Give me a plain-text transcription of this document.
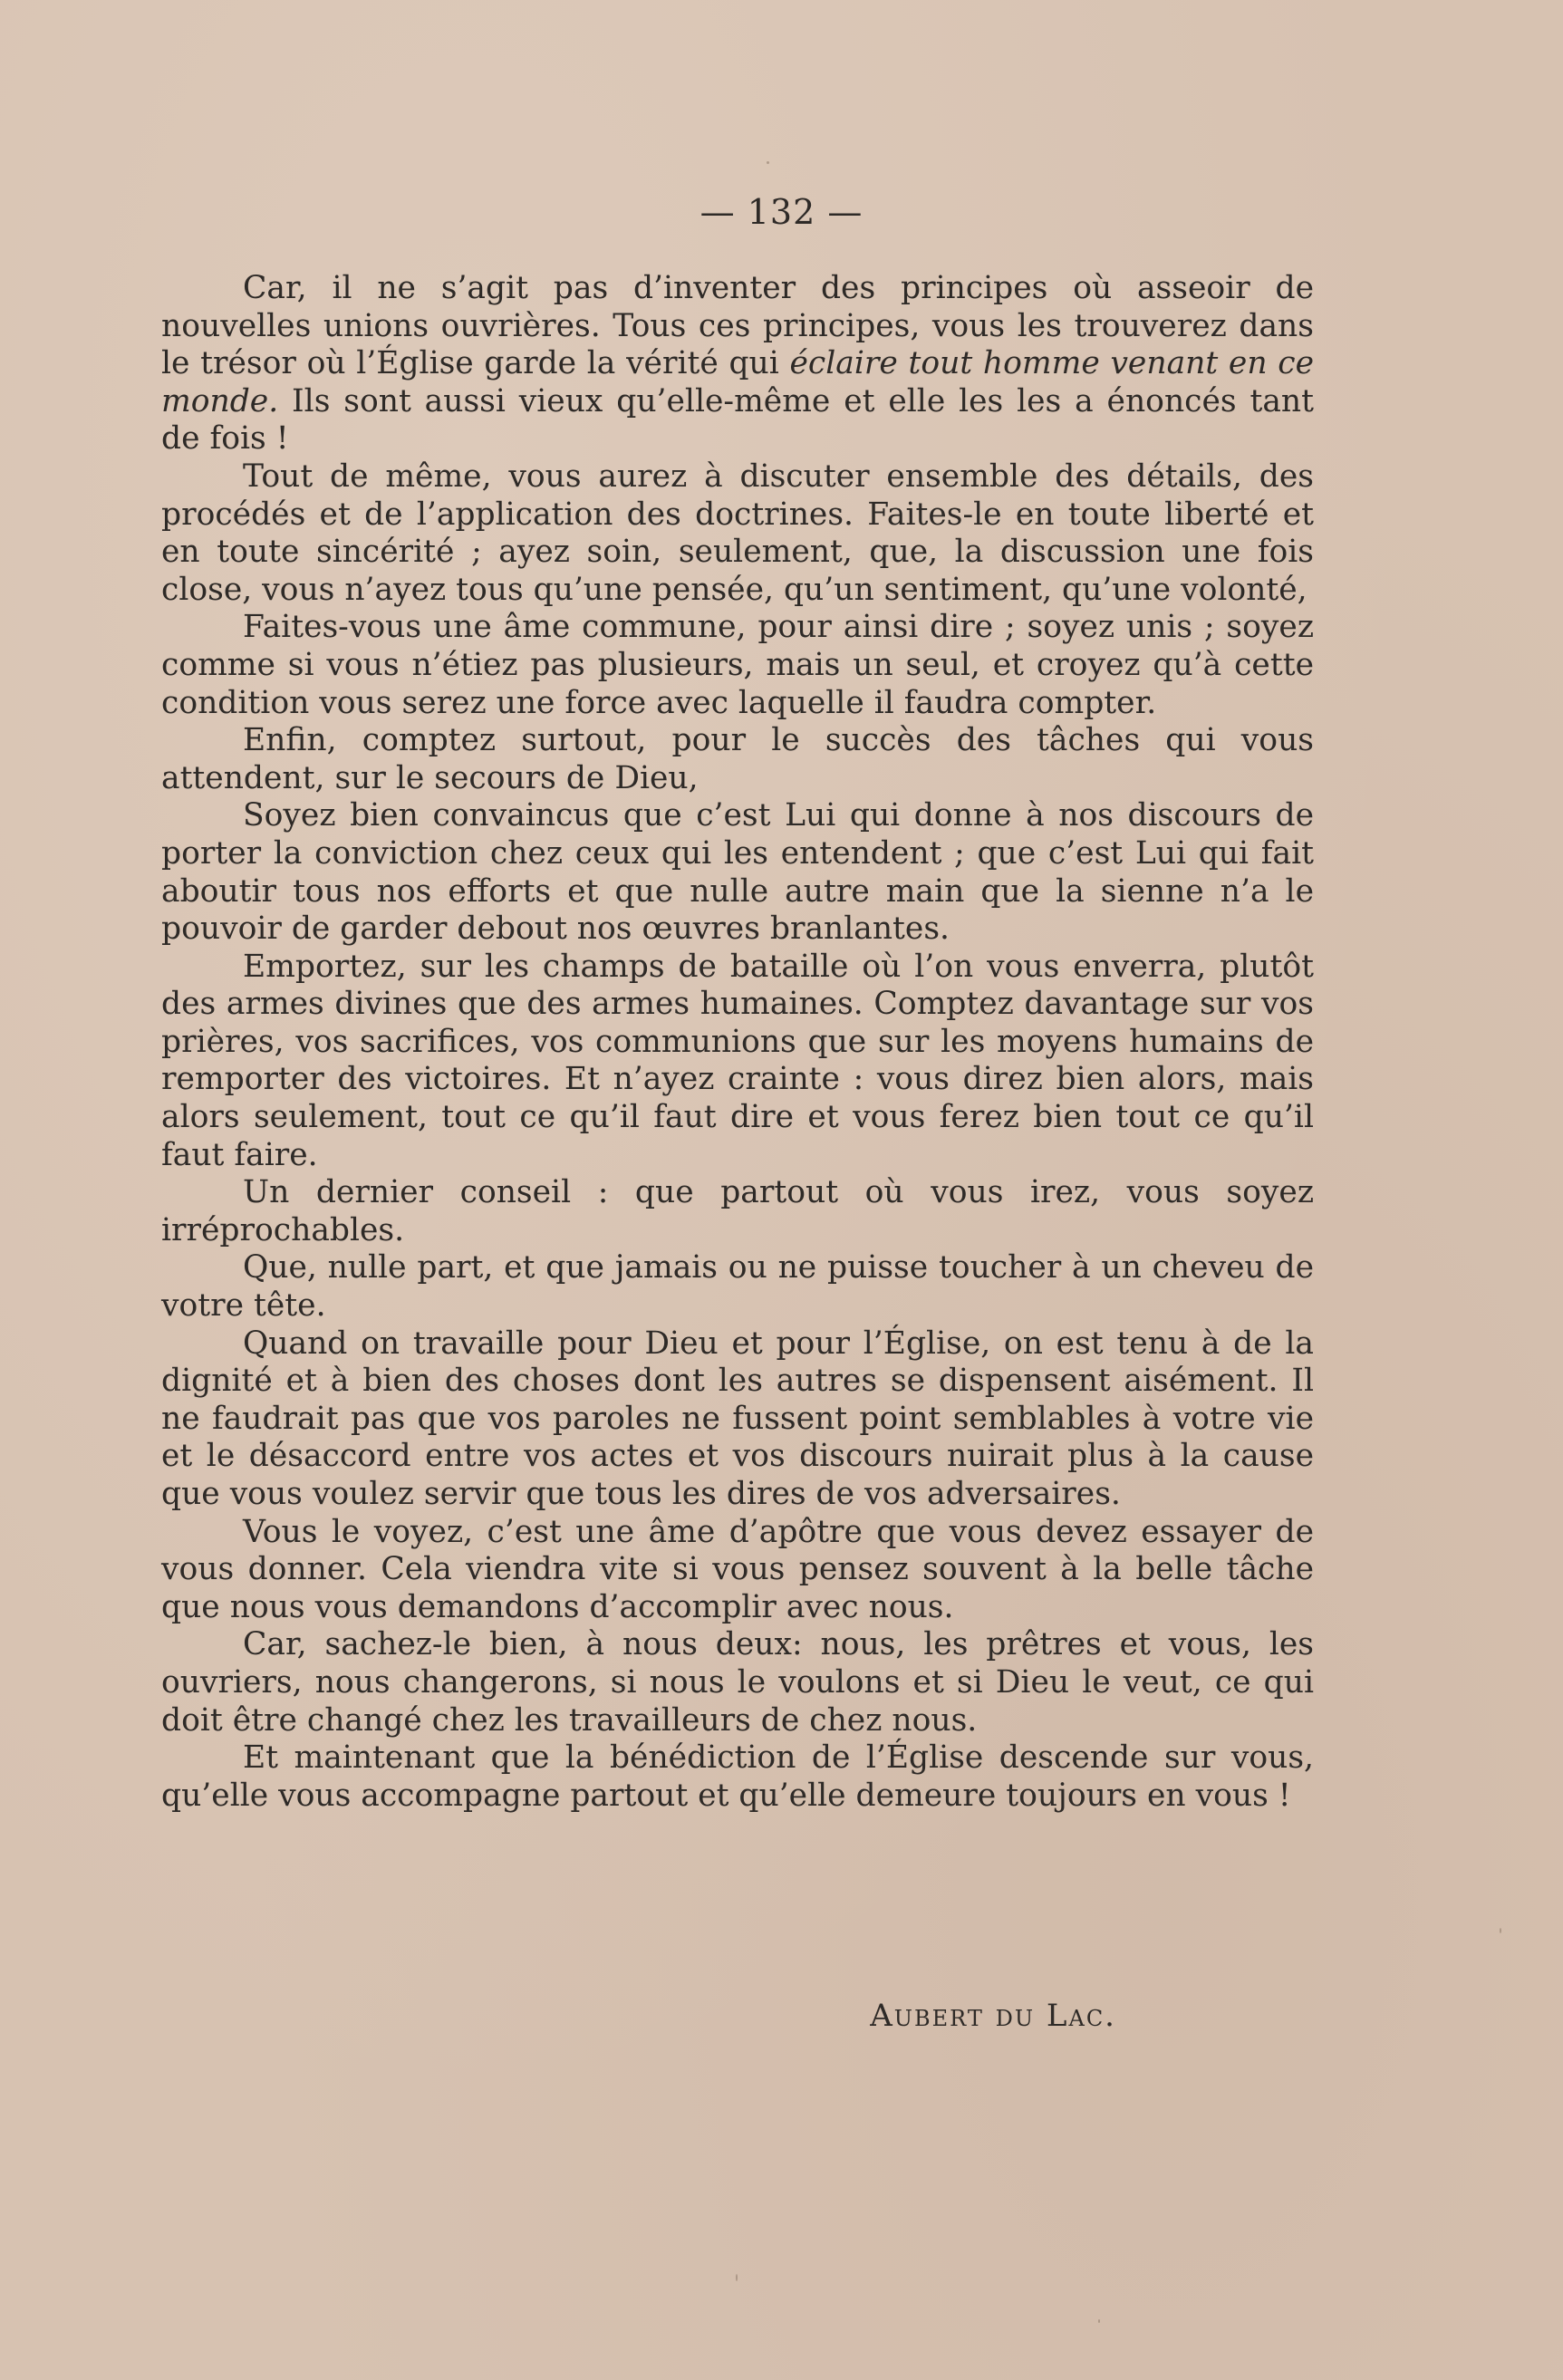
— 132 —

Car, il ne s’agit pas d’inventer des principes où asseoir de nouvelles unions ouvrières. Tous ces principes, vous les trouverez dans le trésor où l’Église garde la vérité qui éclaire tout homme venant en ce monde. Ils sont aussi vieux qu’elle-même et elle les les a énoncés tant de fois !

Tout de même, vous aurez à discuter ensemble des détails, des procédés et de l’application des doctrines. Faites-le en toute liberté et en toute sincérité ; ayez soin, seulement, que, la discussion une fois close, vous n’ayez tous qu’une pensée, qu’un sentiment, qu’une volonté,

Faites-vous une âme commune, pour ainsi dire ; soyez unis ; soyez comme si vous n’étiez pas plusieurs, mais un seul, et croyez qu’à cette condition vous serez une force avec laquelle il faudra compter.

Enfin, comptez surtout, pour le succès des tâches qui vous attendent, sur le secours de Dieu,

Soyez bien convaincus que c’est Lui qui donne à nos discours de porter la conviction chez ceux qui les entendent ; que c’est Lui qui fait aboutir tous nos efforts et que nulle autre main que la sienne n’a le pouvoir de garder debout nos œuvres branlantes.

Emportez, sur les champs de bataille où l’on vous enverra, plutôt des armes divines que des armes humaines. Comptez davantage sur vos prières, vos sacrifices, vos communions que sur les moyens humains de remporter des victoires. Et n’ayez crainte : vous direz bien alors, mais alors seulement, tout ce qu’il faut dire et vous ferez bien tout ce qu’il faut faire.

Un dernier conseil : que partout où vous irez, vous soyez irréprochables.

Que, nulle part, et que jamais ou ne puisse toucher à un cheveu de votre tête.

Quand on travaille pour Dieu et pour l’Église, on est tenu à de la dignité et à bien des choses dont les autres se dispensent aisément. Il ne faudrait pas que vos paroles ne fussent point semblables à votre vie et le désaccord entre vos actes et vos discours nuirait plus à la cause que vous voulez servir que tous les dires de vos adversaires.

Vous le voyez, c’est une âme d’apôtre que vous devez essayer de vous donner. Cela viendra vite si vous pensez souvent à la belle tâche que nous vous demandons d’accomplir avec nous.

Car, sachez-le bien, à nous deux: nous, les prêtres et vous, les ouvriers, nous changerons, si nous le voulons et si Dieu le veut, ce qui doit être changé chez les travailleurs de chez nous.

Et maintenant que la bénédiction de l’Église descende sur vous, qu’elle vous accompagne partout et qu’elle demeure toujours en vous !

Aubert du Lac.
